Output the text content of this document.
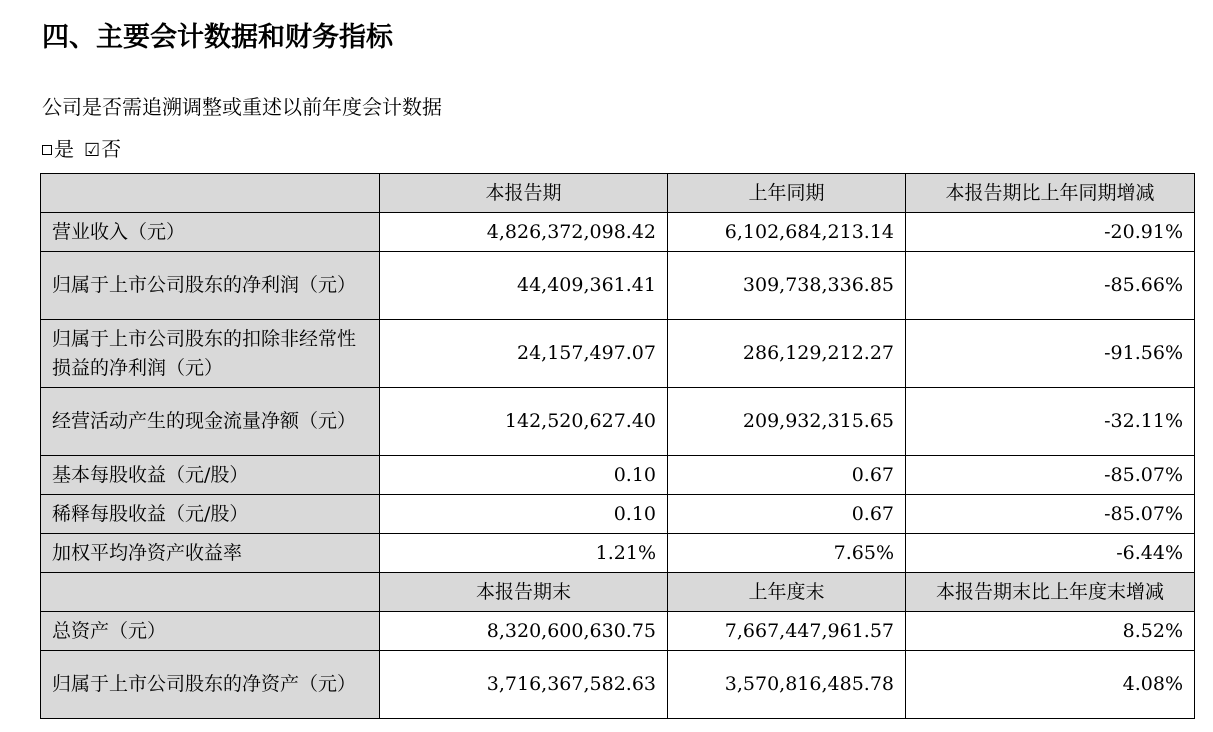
四、主要会计数据和财务指标
公司是否需追溯调整或重述以前年度会计数据
是 ☑否
	本报告期	上年同期	本报告期比上年同期增减
营业收入（元）	4,826,372,098.42	6,102,684,213.14	-20.91%
归属于上市公司股东的净利润（元）	44,409,361.41	309,738,336.85	-85.66%
归属于上市公司股东的扣除非经常性损益的净利润（元）	24,157,497.07	286,129,212.27	-91.56%
经营活动产生的现金流量净额（元）	142,520,627.40	209,932,315.65	-32.11%
基本每股收益（元/股）	0.10	0.67	-85.07%
稀释每股收益（元/股）	0.10	0.67	-85.07%
加权平均净资产收益率	1.21%	7.65%	-6.44%
	本报告期末	上年度末	本报告期末比上年度末增减
总资产（元）	8,320,600,630.75	7,667,447,961.57	8.52%
归属于上市公司股东的净资产（元）	3,716,367,582.63	3,570,816,485.78	4.08%
